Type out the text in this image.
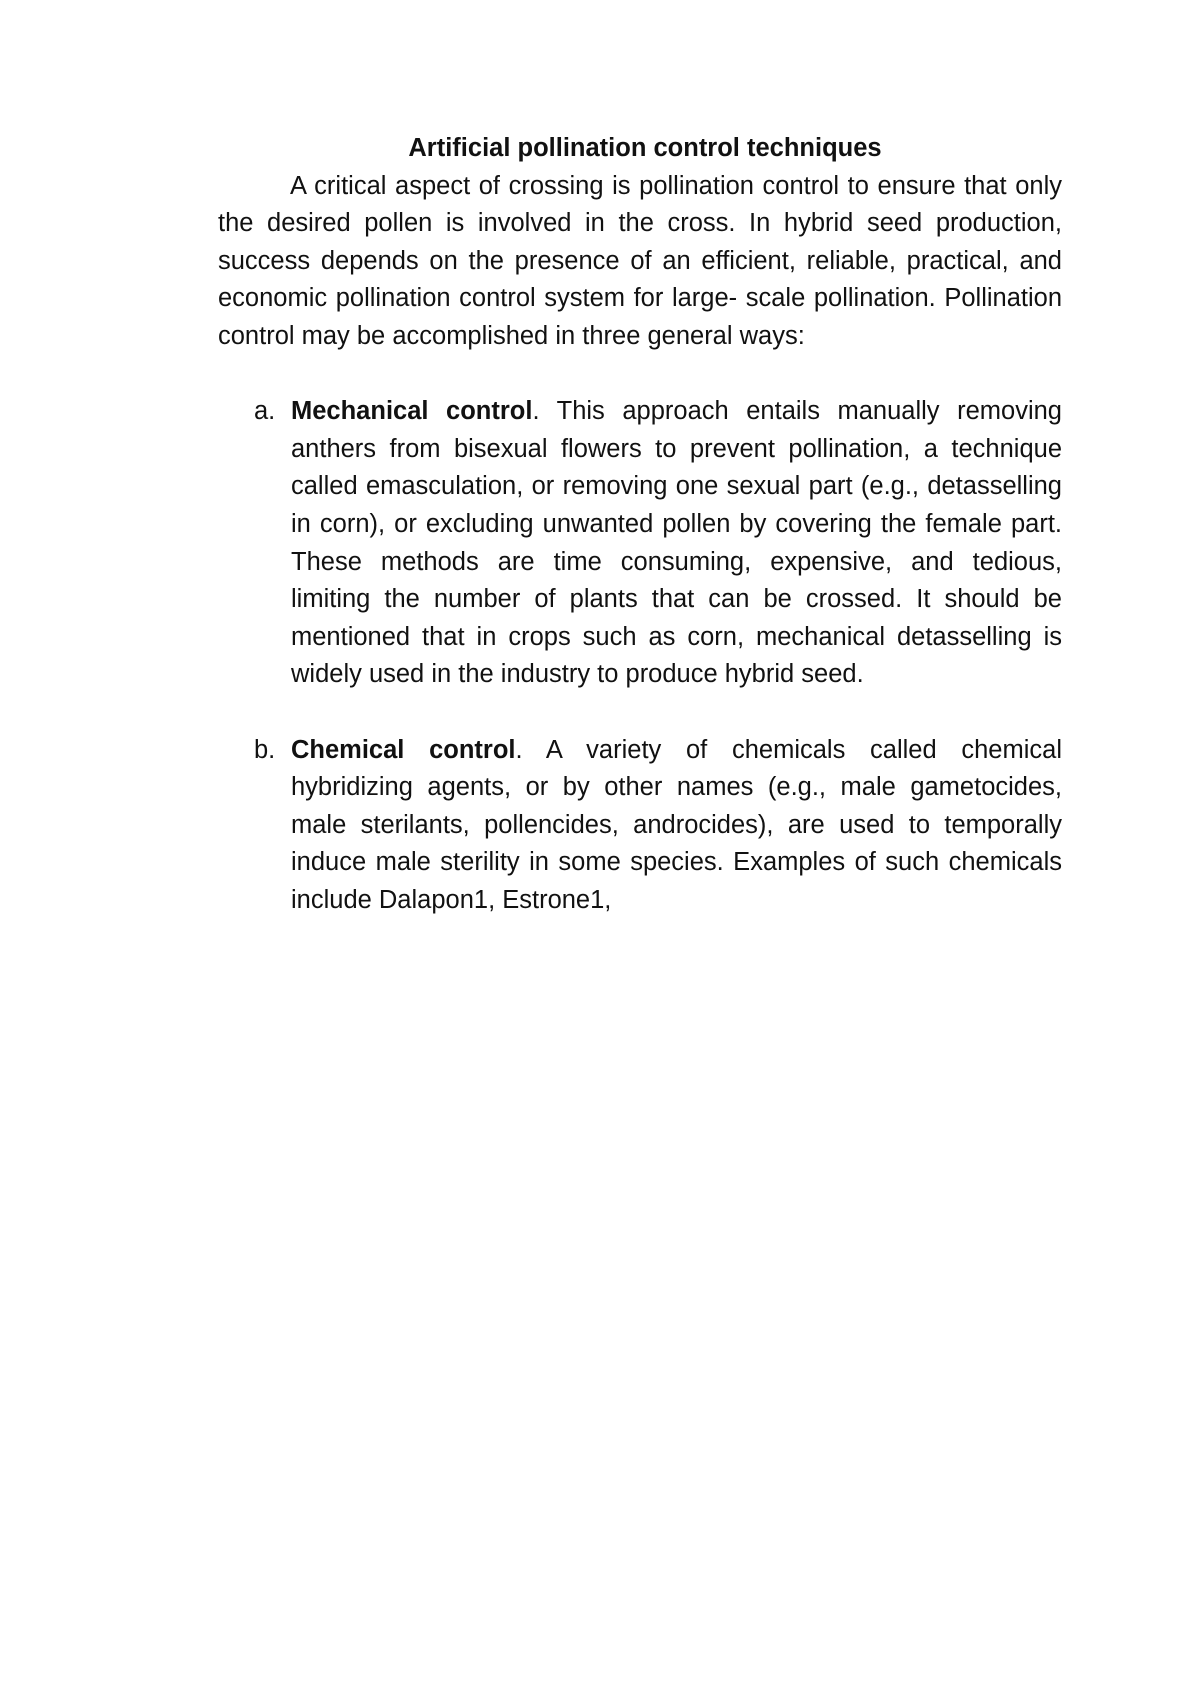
Artificial pollination control techniques

A critical aspect of crossing is pollination control to ensure that only the desired pollen is involved in the cross. In hybrid seed production, success depends on the presence of an efficient, reliable, practical, and economic pollination control system for large- scale pollination. Pollination control may be accomplished in three general ways:

a. Mechanical control. This approach entails manually removing anthers from bisexual flowers to prevent pollination, a technique called emasculation, or removing one sexual part (e.g., detasselling in corn), or excluding unwanted pollen by covering the female part. These methods are time consuming, expensive, and tedious, limiting the number of plants that can be crossed. It should be mentioned that in crops such as corn, mechanical detasselling is widely used in the industry to produce hybrid seed.
b. Chemical control. A variety of chemicals called chemical hybridizing agents, or by other names (e.g., male gametocides, male sterilants, pollencides, androcides), are used to temporally induce male sterility in some species. Examples of such chemicals include Dalapon1, Estrone1,
